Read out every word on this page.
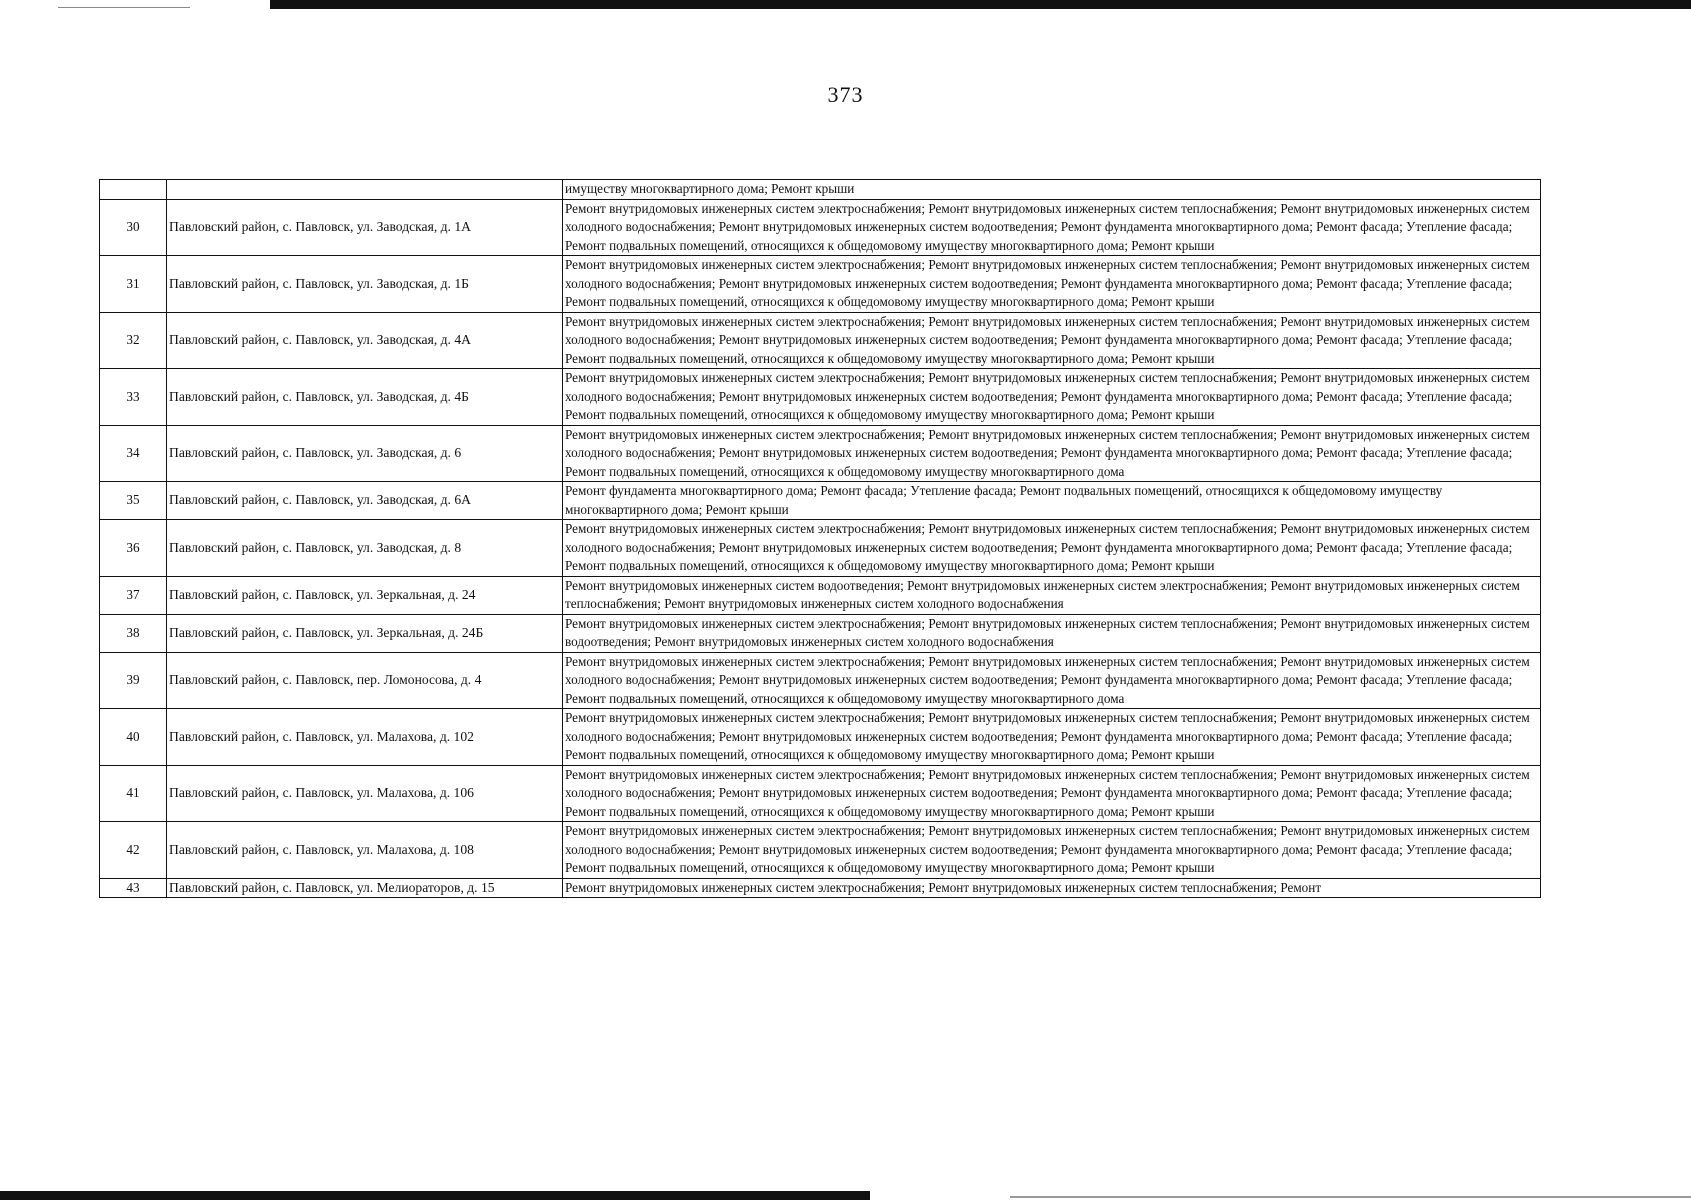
373
		имуществу многоквартирного дома; Ремонт крыши
30	Павловский район, с. Павловск, ул. Заводская, д. 1А	Ремонт внутридомовых инженерных систем электроснабжения; Ремонт внутридомовых инженерных систем теплоснабжения; Ремонт внутридомовых инженерных систем холодного водоснабжения; Ремонт внутридомовых инженерных систем водоотведения; Ремонт фундамента многоквартирного дома; Ремонт фасада; Утепление фасада; Ремонт подвальных помещений, относящихся к общедомовому имуществу многоквартирного дома; Ремонт крыши
31	Павловский район, с. Павловск, ул. Заводская, д. 1Б	Ремонт внутридомовых инженерных систем электроснабжения; Ремонт внутридомовых инженерных систем теплоснабжения; Ремонт внутридомовых инженерных систем холодного водоснабжения; Ремонт внутридомовых инженерных систем водоотведения; Ремонт фундамента многоквартирного дома; Ремонт фасада; Утепление фасада; Ремонт подвальных помещений, относящихся к общедомовому имуществу многоквартирного дома; Ремонт крыши
32	Павловский район, с. Павловск, ул. Заводская, д. 4А	Ремонт внутридомовых инженерных систем электроснабжения; Ремонт внутридомовых инженерных систем теплоснабжения; Ремонт внутридомовых инженерных систем холодного водоснабжения; Ремонт внутридомовых инженерных систем водоотведения; Ремонт фундамента многоквартирного дома; Ремонт фасада; Утепление фасада; Ремонт подвальных помещений, относящихся к общедомовому имуществу многоквартирного дома; Ремонт крыши
33	Павловский район, с. Павловск, ул. Заводская, д. 4Б	Ремонт внутридомовых инженерных систем электроснабжения; Ремонт внутридомовых инженерных систем теплоснабжения; Ремонт внутридомовых инженерных систем холодного водоснабжения; Ремонт внутридомовых инженерных систем водоотведения; Ремонт фундамента многоквартирного дома; Ремонт фасада; Утепление фасада; Ремонт подвальных помещений, относящихся к общедомовому имуществу многоквартирного дома; Ремонт крыши
34	Павловский район, с. Павловск, ул. Заводская, д. 6	Ремонт внутридомовых инженерных систем электроснабжения; Ремонт внутридомовых инженерных систем теплоснабжения; Ремонт внутридомовых инженерных систем холодного водоснабжения; Ремонт внутридомовых инженерных систем водоотведения; Ремонт фундамента многоквартирного дома; Ремонт фасада; Утепление фасада; Ремонт подвальных помещений, относящихся к общедомовому имуществу многоквартирного дома
35	Павловский район, с. Павловск, ул. Заводская, д. 6А	Ремонт фундамента многоквартирного дома; Ремонт фасада; Утепление фасада; Ремонт подвальных помещений, относящихся к общедомовому имуществу многоквартирного дома; Ремонт крыши
36	Павловский район, с. Павловск, ул. Заводская, д. 8	Ремонт внутридомовых инженерных систем электроснабжения; Ремонт внутридомовых инженерных систем теплоснабжения; Ремонт внутридомовых инженерных систем холодного водоснабжения; Ремонт внутридомовых инженерных систем водоотведения; Ремонт фундамента многоквартирного дома; Ремонт фасада; Утепление фасада; Ремонт подвальных помещений, относящихся к общедомовому имуществу многоквартирного дома; Ремонт крыши
37	Павловский район, с. Павловск, ул. Зеркальная, д. 24	Ремонт внутридомовых инженерных систем водоотведения; Ремонт внутридомовых инженерных систем электроснабжения; Ремонт внутридомовых инженерных систем теплоснабжения; Ремонт внутридомовых инженерных систем холодного водоснабжения
38	Павловский район, с. Павловск, ул. Зеркальная, д. 24Б	Ремонт внутридомовых инженерных систем электроснабжения; Ремонт внутридомовых инженерных систем теплоснабжения; Ремонт внутридомовых инженерных систем водоотведения; Ремонт внутридомовых инженерных систем холодного водоснабжения
39	Павловский район, с. Павловск, пер. Ломоносова, д. 4	Ремонт внутридомовых инженерных систем электроснабжения; Ремонт внутридомовых инженерных систем теплоснабжения; Ремонт внутридомовых инженерных систем холодного водоснабжения; Ремонт внутридомовых инженерных систем водоотведения; Ремонт фундамента многоквартирного дома; Ремонт фасада; Утепление фасада; Ремонт подвальных помещений, относящихся к общедомовому имуществу многоквартирного дома
40	Павловский район, с. Павловск, ул. Малахова, д. 102	Ремонт внутридомовых инженерных систем электроснабжения; Ремонт внутридомовых инженерных систем теплоснабжения; Ремонт внутридомовых инженерных систем холодного водоснабжения; Ремонт внутридомовых инженерных систем водоотведения; Ремонт фундамента многоквартирного дома; Ремонт фасада; Утепление фасада; Ремонт подвальных помещений, относящихся к общедомовому имуществу многоквартирного дома; Ремонт крыши
41	Павловский район, с. Павловск, ул. Малахова, д. 106	Ремонт внутридомовых инженерных систем электроснабжения; Ремонт внутридомовых инженерных систем теплоснабжения; Ремонт внутридомовых инженерных систем холодного водоснабжения; Ремонт внутридомовых инженерных систем водоотведения; Ремонт фундамента многоквартирного дома; Ремонт фасада; Утепление фасада; Ремонт подвальных помещений, относящихся к общедомовому имуществу многоквартирного дома; Ремонт крыши
42	Павловский район, с. Павловск, ул. Малахова, д. 108	Ремонт внутридомовых инженерных систем электроснабжения; Ремонт внутридомовых инженерных систем теплоснабжения; Ремонт внутридомовых инженерных систем холодного водоснабжения; Ремонт внутридомовых инженерных систем водоотведения; Ремонт фундамента многоквартирного дома; Ремонт фасада; Утепление фасада; Ремонт подвальных помещений, относящихся к общедомовому имуществу многоквартирного дома; Ремонт крыши
43	Павловский район, с. Павловск, ул. Мелиораторов, д. 15	Ремонт внутридомовых инженерных систем электроснабжения; Ремонт внутридомовых инженерных систем теплоснабжения; Ремонт
